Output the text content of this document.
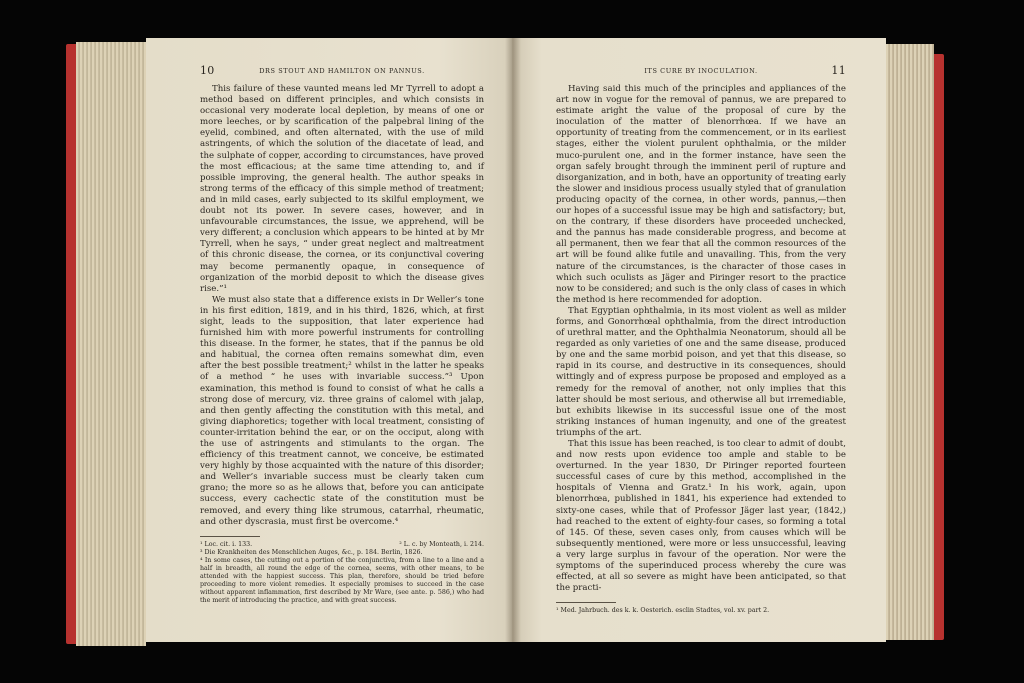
10	DRS STOUT AND HAMILTON ON PANNUS.

This failure of these vaunted means led Mr Tyrrell to adopt a method based on different principles, and which consists in occasional very moderate local depletion, by means of one or more leeches, or by scarification of the palpebral lining of the eyelid, combined, and often alternated, with the use of mild astringents, of which the solution of the diacetate of lead, and the sulphate of copper, according to circumstances, have proved the most efficacious; at the same time attending to, and if possible improving, the general health. The author speaks in strong terms of the efficacy of this simple method of treatment; and in mild cases, early subjected to its skilful employment, we doubt not its power. In severe cases, however, and in unfavourable circumstances, the issue, we apprehend, will be very different; a conclusion which appears to be hinted at by Mr Tyrrell, when he says, “ under great neglect and maltreatment of this chronic disease, the cornea, or its conjunctival covering may become permanently opaque, in consequence of organization of the morbid deposit to which the disease gives rise.”¹

We must also state that a difference exists in Dr Weller’s tone in his first edition, 1819, and in his third, 1826, which, at first sight, leads to the supposition, that later experience had furnished him with more powerful instruments for controlling this disease. In the former, he states, that if the pannus be old and habitual, the cornea often remains somewhat dim, even after the best possible treatment;² whilst in the latter he speaks of a method “ he uses with invariable success.”³ Upon examination, this method is found to consist of what he calls a strong dose of mercury, viz. three grains of calomel with jalap, and then gently affecting the constitution with this metal, and giving diaphoretics; together with local treatment, consisting of counter-irritation behind the ear, or on the occiput, along with the use of astringents and stimulants to the organ. The efficiency of this treatment cannot, we conceive, be estimated very highly by those acquainted with the nature of this disorder; and Weller’s invariable success must be clearly taken cum grano; the more so as he allows that, before you can anticipate success, every cachectic state of the constitution must be removed, and every thing like strumous, catarrhal, rheumatic, and other dyscrasia, must first be overcome.⁴

¹ Loc. cit. i. 133.	² L. c. by Monteath, i. 214.

³ Die Krankheiten des Menschlichen Auges, &c., p. 184. Berlin, 1826.

⁴ In some cases, the cutting out a portion of the conjunctiva, from a line to a line and a half in breadth, all round the edge of the cornea, seems, with other means, to be attended with the happiest success. This plan, therefore, should be tried before proceeding to more violent remedies. It especially promises to succeed in the case without apparent inflammation, first described by Mr Ware, (see ante. p. 586,) who had the merit of introducing the practice, and with great success.

ITS CURE BY INOCULATION.	11

Having said this much of the principles and appliances of the art now in vogue for the removal of pannus, we are prepared to estimate aright the value of the proposal of cure by the inoculation of the matter of blenorrhœa. If we have an opportunity of treating from the commencement, or in its earliest stages, either the violent purulent ophthalmia, or the milder muco-purulent one, and in the former instance, have seen the organ safely brought through the imminent peril of rupture and disorganization, and in both, have an opportunity of treating early the slower and insidious process usually styled that of granulation producing opacity of the cornea, in other words, pannus,—then our hopes of a successful issue may be high and satisfactory; but, on the contrary, if these disorders have proceeded unchecked, and the pannus has made considerable progress, and become at all permanent, then we fear that all the common resources of the art will be found alike futile and unavailing. This, from the very nature of the circumstances, is the character of those cases in which such oculists as Jäger and Piringer resort to the practice now to be considered; and such is the only class of cases in which the method is here recommended for adoption.

That Egyptian ophthalmia, in its most violent as well as milder forms, and Gonorrhœal ophthalmia, from the direct introduction of urethral matter, and the Ophthalmia Neonatorum, should all be regarded as only varieties of one and the same disease, produced by one and the same morbid poison, and yet that this disease, so rapid in its course, and destructive in its consequences, should wittingly and of express purpose be proposed and employed as a remedy for the removal of another, not only implies that this latter should be most serious, and otherwise all but irremediable, but exhibits likewise in its successful issue one of the most striking instances of human ingenuity, and one of the greatest triumphs of the art.

That this issue has been reached, is too clear to admit of doubt, and now rests upon evidence too ample and stable to be overturned. In the year 1830, Dr Piringer reported fourteen successful cases of cure by this method, accomplished in the hospitals of Vienna and Gratz.¹ In his work, again, upon blenorrhœa, published in 1841, his experience had extended to sixty-one cases, while that of Professor Jäger last year, (1842,) had reached to the extent of eighty-four cases, so forming a total of 145. Of these, seven cases only, from causes which will be subsequently mentioned, were more or less unsuccessful, leaving a very large surplus in favour of the operation. Nor were the symptoms of the superinduced process whereby the cure was effected, at all so severe as might have been anticipated, so that the practi-

¹ Med. Jahrbuch. des k. k. Oesterich. esclin Stadtes, vol. xv. part 2.
